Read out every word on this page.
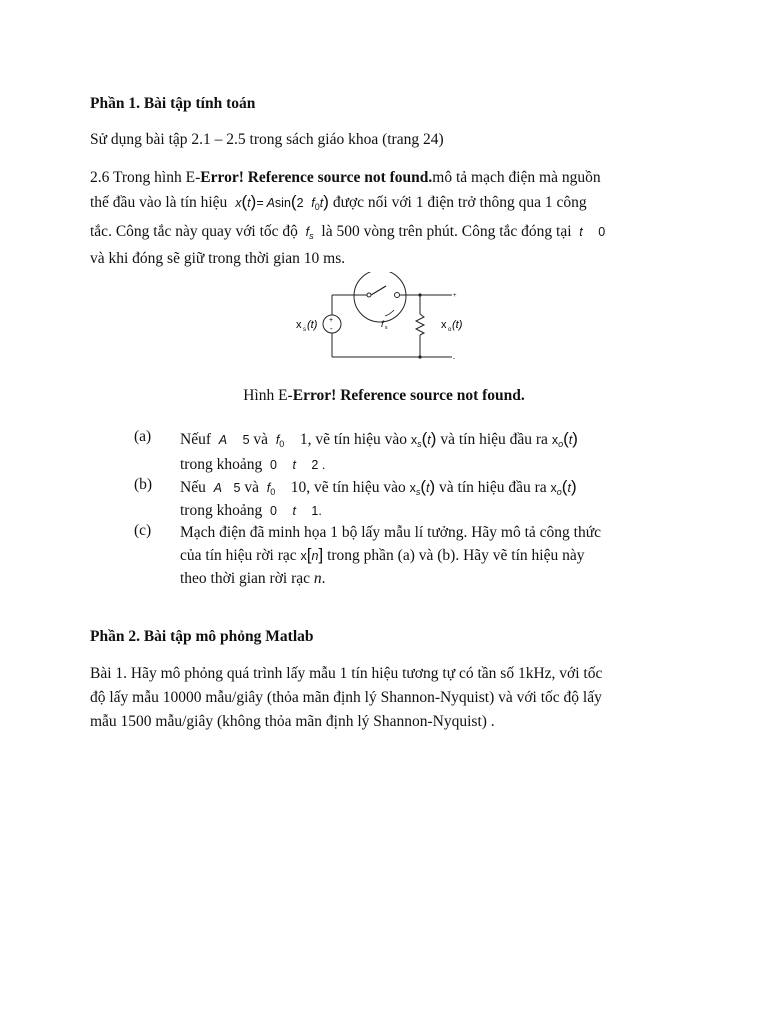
Phần 1. Bài tập tính toán
Sử dụng bài tập 2.1 – 2.5 trong sách giáo khoa (trang 24)
2.6 Trong hình E-Error! Reference source not found.mô tả mạch điện mà nguồn
thế đầu vào là tín hiệu x(t)= Asin(2 $f_0t$) được nối với 1 điện trở thông qua 1 công
tắc. Công tắc này quay với tốc độ $f_s$ là 500 vòng trên phút. Công tắc đóng tại t 0
và khi đóng sẽ giữ trong thời gian 10 ms.
+
-
+
-
x s (t)	f s	x o (t)
Hình E-Error! Reference source not found.
(a) Nếuf A 5 và $f_0$ 1, vẽ tín hiệu vào $x_s(t)$ và tín hiệu đầu ra $x_o(t)$
trong khoảng 0 t 2 .
(b) Nếu A 5 và $f_0$ 10, vẽ tín hiệu vào $x_s(t)$ và tín hiệu đầu ra $x_o(t)$
trong khoảng 0 t 1.
(c) Mạch điện đã minh họa 1 bộ lấy mẫu lí tưởng. Hãy mô tả công thức
của tín hiệu rời rạc x[n] trong phần (a) và (b). Hãy vẽ tín hiệu này
theo thời gian rời rạc n.
Phần 2. Bài tập mô phỏng Matlab
Bài 1. Hãy mô phỏng quá trình lấy mẫu 1 tín hiệu tương tự có tần số 1kHz, với tốc
độ lấy mẫu 10000 mẫu/giây (thỏa mãn định lý Shannon-Nyquist) và với tốc độ lấy
mẫu 1500 mẫu/giây (không thỏa mãn định lý Shannon-Nyquist) .
